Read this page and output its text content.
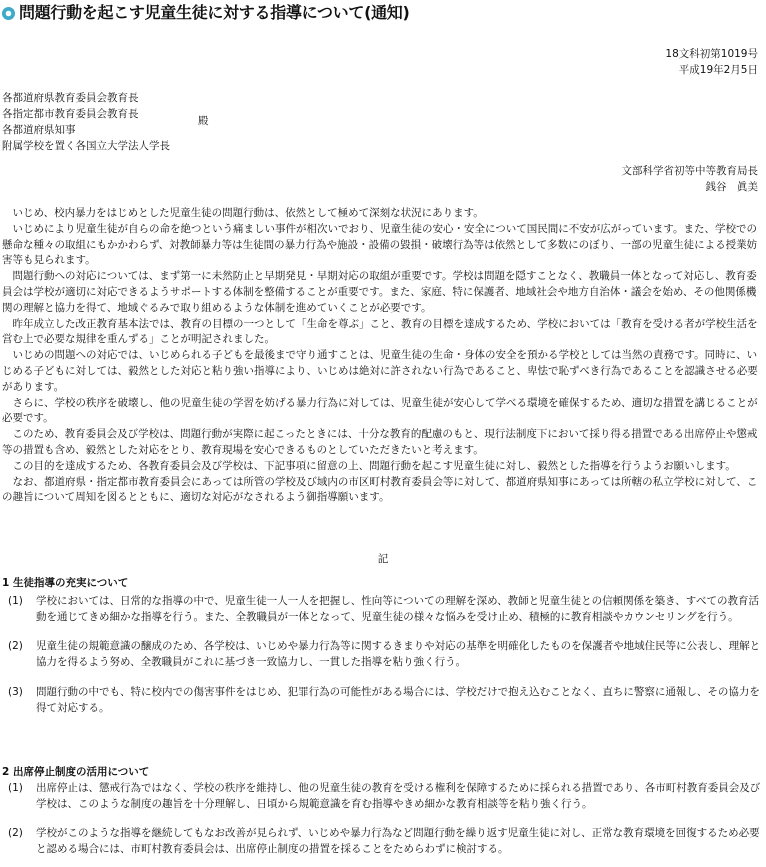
問題行動を起こす児童生徒に対する指導について(通知)
18文科初第1019号
平成19年2月5日
各都道府県教育委員会教育長
各指定都市教育委員会教育長
各都道府県知事
附属学校を置く各国立大学法人学長
殿
文部科学省初等中等教育局長
銭谷　眞美

いじめ、校内暴力をはじめとした児童生徒の問題行動は、依然として極めて深刻な状況にあります。

いじめにより児童生徒が自らの命を絶つという痛ましい事件が相次いでおり、児童生徒の安心・安全について国民間に不安が広がっています。また、学校での懸命な種々の取組にもかかわらず、対教師暴力等は生徒間の暴力行為や施設・設備の毀損・破壊行為等は依然として多数にのぼり、一部の児童生徒による授業妨害等も見られます。

問題行動への対応については、まず第一に未然防止と早期発見・早期対応の取組が重要です。学校は問題を隠すことなく、教職員一体となって対応し、教育委員会は学校が適切に対応できるようサポートする体制を整備することが重要です。また、家庭、特に保護者、地域社会や地方自治体・議会を始め、その他関係機関の理解と協力を得て、地域ぐるみで取り組めるような体制を進めていくことが必要です。

昨年成立した改正教育基本法では、教育の目標の一つとして「生命を尊ぶ」こと、教育の目標を達成するため、学校においては「教育を受ける者が学校生活を営む上で必要な規律を重んずる」ことが明記されました。

いじめの問題への対応では、いじめられる子どもを最後まで守り通すことは、児童生徒の生命・身体の安全を預かる学校としては当然の責務です。同時に、いじめる子どもに対しては、毅然とした対応と粘り強い指導により、いじめは絶対に許されない行為であること、卑怯で恥ずべき行為であることを認識させる必要があります。

さらに、学校の秩序を破壊し、他の児童生徒の学習を妨げる暴力行為に対しては、児童生徒が安心して学べる環境を確保するため、適切な措置を講じることが必要です。

このため、教育委員会及び学校は、問題行動が実際に起こったときには、十分な教育的配慮のもと、現行法制度下において採り得る措置である出席停止や懲戒等の措置も含め、毅然とした対応をとり、教育現場を安心できるものとしていただきたいと考えます。

この目的を達成するため、各教育委員会及び学校は、下記事項に留意の上、問題行動を起こす児童生徒に対し、毅然とした指導を行うようお願いします。

なお、都道府県・指定都市教育委員会にあっては所管の学校及び域内の市区町村教育委員会等に対して、都道府県知事にあっては所轄の私立学校に対して、この趣旨について周知を図るとともに、適切な対応がなされるよう御指導願います。

記

1 生徒指導の充実について

(1)	学校においては、日常的な指導の中で、児童生徒一人一人を把握し、性向等についての理解を深め、教師と児童生徒との信頼関係を築き、すべての教育活動を通じてきめ細かな指導を行う。また、全教職員が一体となって、児童生徒の様々な悩みを受け止め、積極的に教育相談やカウンセリングを行う。
(2)	児童生徒の規範意識の醸成のため、各学校は、いじめや暴力行為等に関するきまりや対応の基準を明確化したものを保護者や地域住民等に公表し、理解と協力を得るよう努め、全教職員がこれに基づき一致協力し、一貫した指導を粘り強く行う。
(3)	問題行動の中でも、特に校内での傷害事件をはじめ、犯罪行為の可能性がある場合には、学校だけで抱え込むことなく、直ちに警察に通報し、その協力を得て対応する。

2 出席停止制度の活用について

(1)	出席停止は、懲戒行為ではなく、学校の秩序を維持し、他の児童生徒の教育を受ける権利を保障するために採られる措置であり、各市町村教育委員会及び学校は、このような制度の趣旨を十分理解し、日頃から規範意識を育む指導やきめ細かな教育相談等を粘り強く行う。
(2)	学校がこのような指導を継続してもなお改善が見られず、いじめや暴力行為など問題行動を繰り返す児童生徒に対し、正常な教育環境を回復するため必要と認める場合には、市町村教育委員会は、出席停止制度の措置を採ることをためらわずに検討する。
